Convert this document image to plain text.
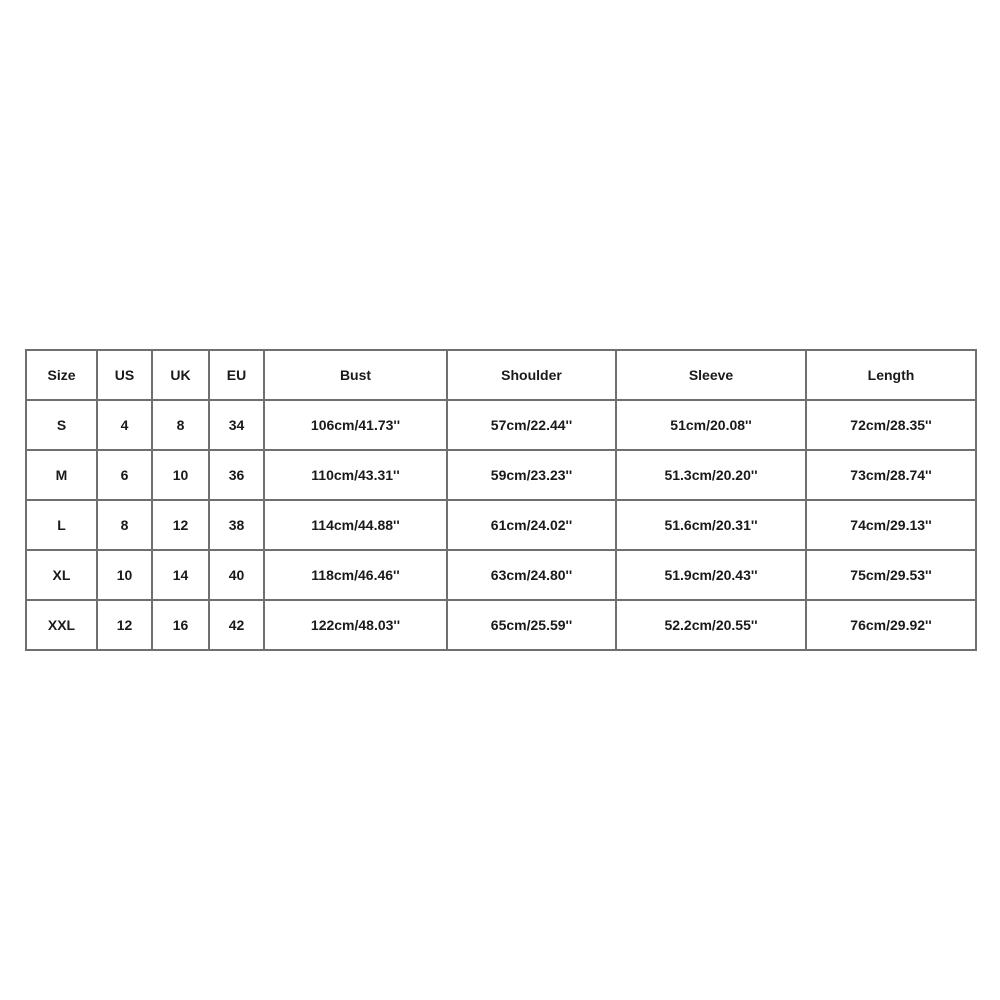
Size	US	UK	EU	Bust	Shoulder	Sleeve	Length
S	4	8	34	106cm/41.73''	57cm/22.44''	51cm/20.08''	72cm/28.35''
M	6	10	36	110cm/43.31''	59cm/23.23''	51.3cm/20.20''	73cm/28.74''
L	8	12	38	114cm/44.88''	61cm/24.02''	51.6cm/20.31''	74cm/29.13''
XL	10	14	40	118cm/46.46''	63cm/24.80''	51.9cm/20.43''	75cm/29.53''
XXL	12	16	42	122cm/48.03''	65cm/25.59''	52.2cm/20.55''	76cm/29.92''
